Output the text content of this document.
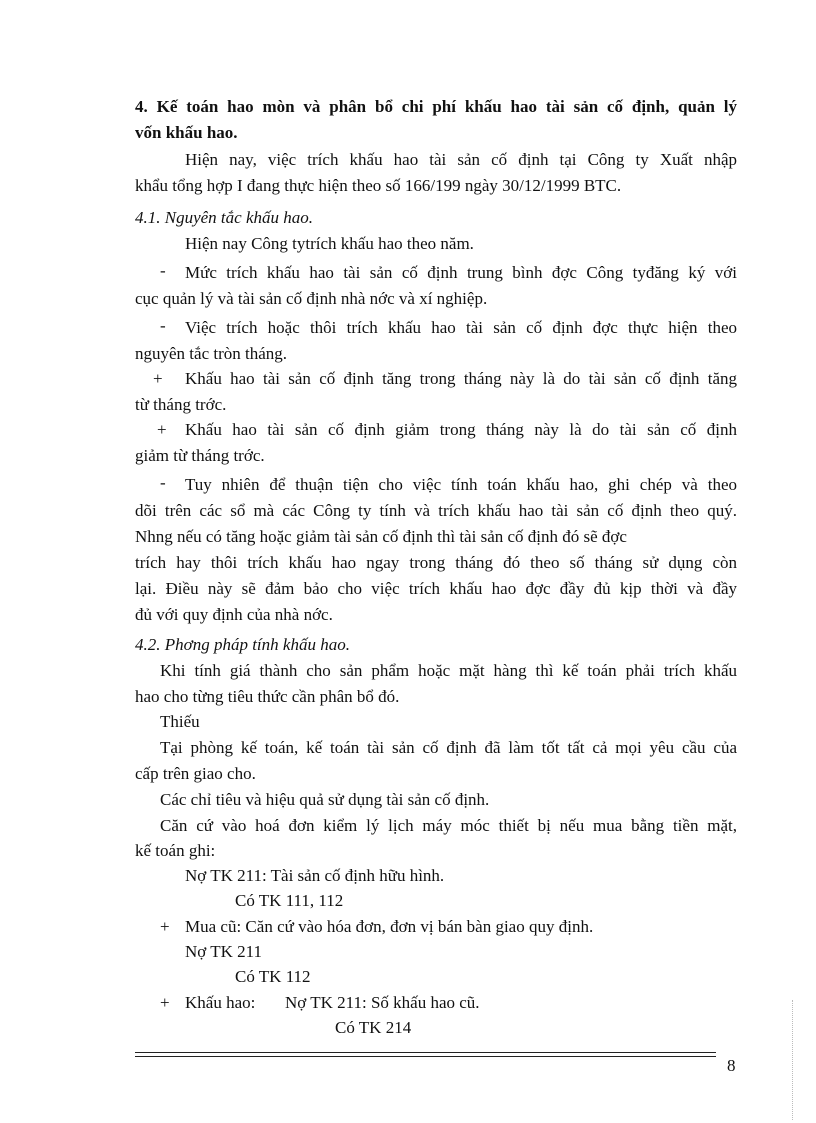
4. Kế toán hao mòn và phân bổ chi phí khấu hao tài sản cố định, quản lý
vốn khấu hao.
Hiện nay, việc trích khấu hao tài sản cố định tại Công ty Xuất nhập
khẩu tổng hợp I đang thực hiện theo số 166/199 ngày 30/12/1999 BTC.
4.1. Nguyên tắc khấu hao.
Hiện nay Công tytrích khấu hao theo năm.
- Mức trích khấu hao tài sản cố định trung bình đợc Công tyđăng ký với
cục quản lý và tài sản cố định nhà nớc và xí nghiệp.
- Việc trích hoặc thôi trích khấu hao tài sản cố định đợc thực hiện theo
nguyên tắc tròn tháng.
+ Khấu hao tài sản cố định tăng trong tháng này là do tài sản cố định tăng
từ tháng trớc.
+ Khấu hao tài sản cố định giảm trong tháng này là do tài sản cố định
giảm từ tháng trớc.
- Tuy nhiên để thuận tiện cho việc tính toán khấu hao, ghi chép và theo
dõi trên các sổ mà các Công ty tính và trích khấu hao tài sản cố định theo quý.
Nhng nếu có tăng hoặc giảm tài sản cố định thì tài sản cố định đó sẽ đợc
trích hay thôi trích khấu hao ngay trong tháng đó theo số tháng sử dụng còn
lại. Điều này sẽ đảm bảo cho việc trích khấu hao đợc đầy đủ kịp thời và đầy
đủ với quy định của nhà nớc.
4.2. Phơng pháp tính khấu hao.
Khi tính giá thành cho sản phẩm hoặc mặt hàng thì kế toán phải trích khấu
hao cho từng tiêu thức cần phân bổ đó.
Thiếu
Tại phòng kế toán, kế toán tài sản cố định đã làm tốt tất cả mọi yêu cầu của
cấp trên giao cho.
Các chỉ tiêu và hiệu quả sử dụng tài sản cố định.
Căn cứ vào hoá đơn kiểm lý lịch máy móc thiết bị nếu mua bằng tiền mặt,
kế toán ghi:
Nợ TK 211: Tài sản cố định hữu hình.
Có TK 111, 112
+ Mua cũ: Căn cứ vào hóa đơn, đơn vị bán bàn giao quy định.
Nợ TK 211
Có TK 112
+ Khấu hao: Nợ TK 211: Số khấu hao cũ.
Có TK 214
8
